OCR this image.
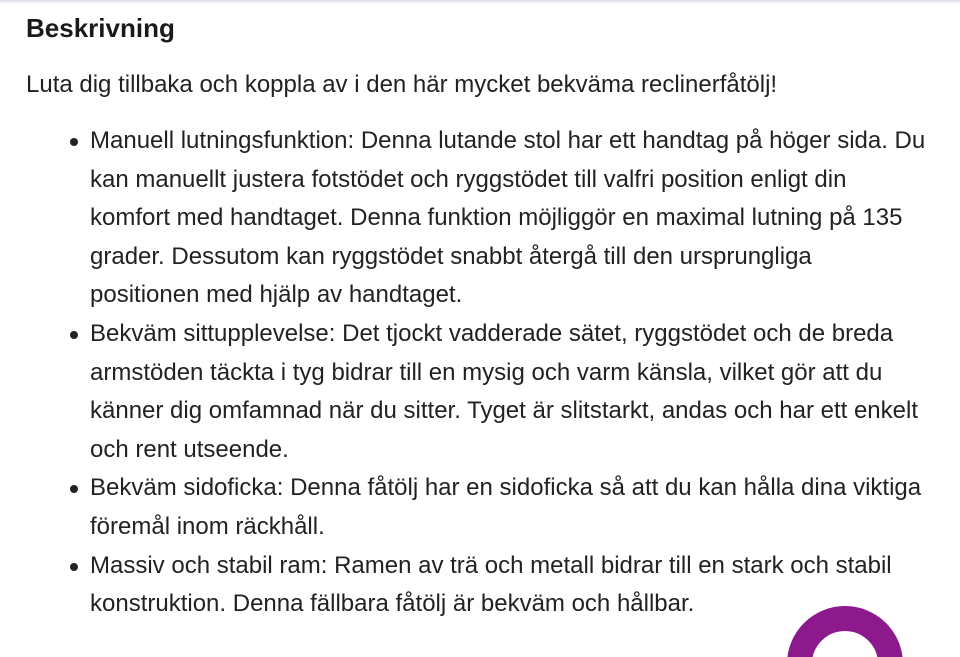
Beskrivning

Luta dig tillbaka och koppla av i den här mycket bekväma reclinerfåtölj!

Manuell lutningsfunktion: Denna lutande stol har ett handtag på höger sida. Du kan manuellt justera fotstödet och ryggstödet till valfri position enligt din komfort med handtaget. Denna funktion möjliggör en maximal lutning på 135 grader. Dessutom kan ryggstödet snabbt återgå till den ursprungliga positionen med hjälp av handtaget.
Bekväm sittupplevelse: Det tjockt vadderade sätet, ryggstödet och de breda armstöden täckta i tyg bidrar till en mysig och varm känsla, vilket gör att du känner dig omfamnad när du sitter. Tyget är slitstarkt, andas och har ett enkelt och rent utseende.
Bekväm sidoficka: Denna fåtölj har en sidoficka så att du kan hålla dina viktiga föremål inom räckhåll.
Massiv och stabil ram: Ramen av trä och metall bidrar till en stark och stabil konstruktion. Denna fällbara fåtölj är bekväm och hållbar.
